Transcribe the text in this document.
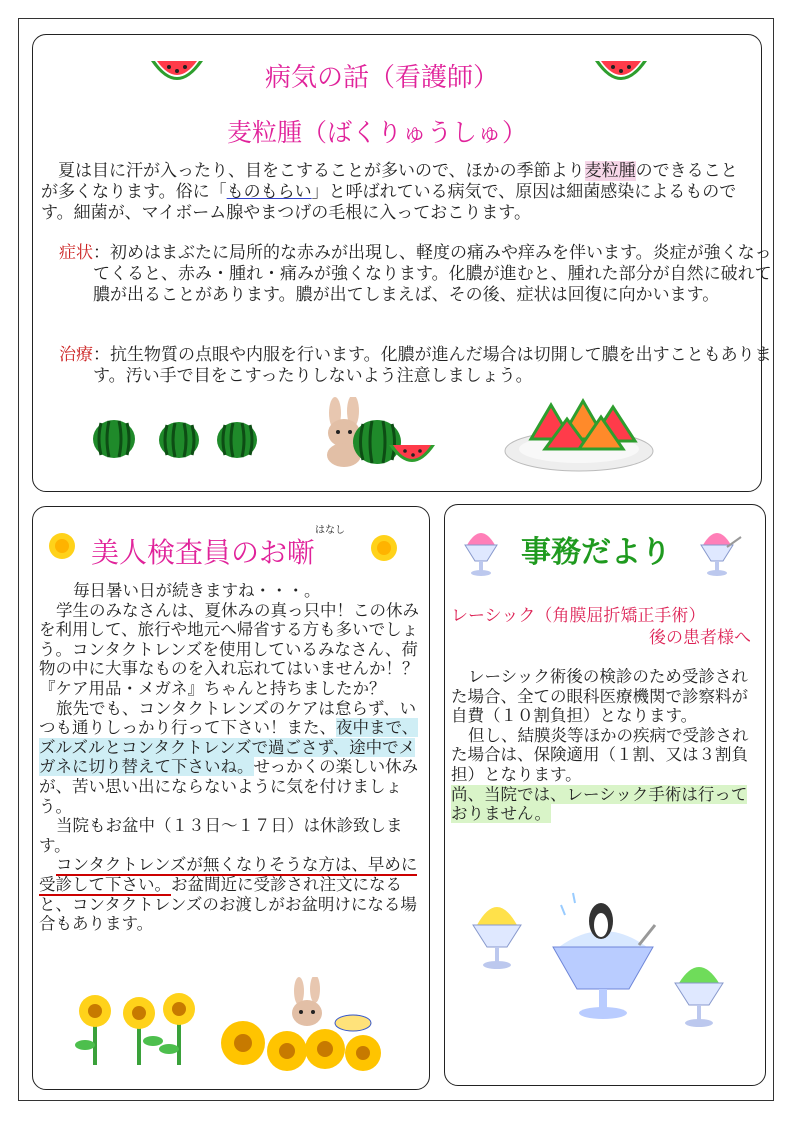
病気の話（看護師）
麦粒腫（ばくりゅうしゅ）
夏は目に汗が入ったり、目をこすることが多いので、ほかの季節より麦粒腫のできることが多くなります。俗に「ものもらい」と呼ばれている病気で、原因は細菌感染によるものです。細菌が、マイボーム腺やまつげの毛根に入っておこります。
症状：初めはまぶたに局所的な赤みが出現し、軽度の痛みや痒みを伴います。炎症が強くなってくると、赤み・腫れ・痛みが強くなります。化膿が進むと、腫れた部分が自然に破れて膿が出ることがあります。膿が出てしまえば、その後、症状は回復に向かいます。
治療：抗生物質の点眼や内服を行います。化膿が進んだ場合は切開して膿を出すこともあります。汚い手で目をこすったりしないよう注意しましょう。
美人検査員のお噺
はなし

毎日暑い日が続きますね・・・。

学生のみなさんは、夏休みの真っ只中！この休みを利用して、旅行や地元へ帰省する方も多いでしょう。コンタクトレンズを使用しているみなさん、荷物の中に大事なものを入れ忘れてはいませんか！？『ケア用品・メガネ』ちゃんと持ちましたか？

旅先でも、コンタクトレンズのケアは怠らず、いつも通りしっかり行って下さい！また、夜中まで、ズルズルとコンタクトレンズで過ごさず、途中でメガネに切り替えて下さいね。せっかくの楽しい休みが、苦い思い出にならないように気を付けましょう。

当院もお盆中（１３日～１７日）は休診致します。

コンタクトレンズが無くなりそうな方は、早めに受診して下さい。お盆間近に受診され注文になると、コンタクトレンズのお渡しがお盆明けになる場合もあります。

事務だより
レーシック（角膜屈折矯正手術）
後の患者様へ

レーシック術後の検診のため受診された場合、全ての眼科医療機関で診察料が自費（１０割負担）となります。

但し、結膜炎等ほかの疾病で受診された場合は、保険適用（１割、又は３割負担）となります。

尚、当院では、レーシック手術は行っておりません。
